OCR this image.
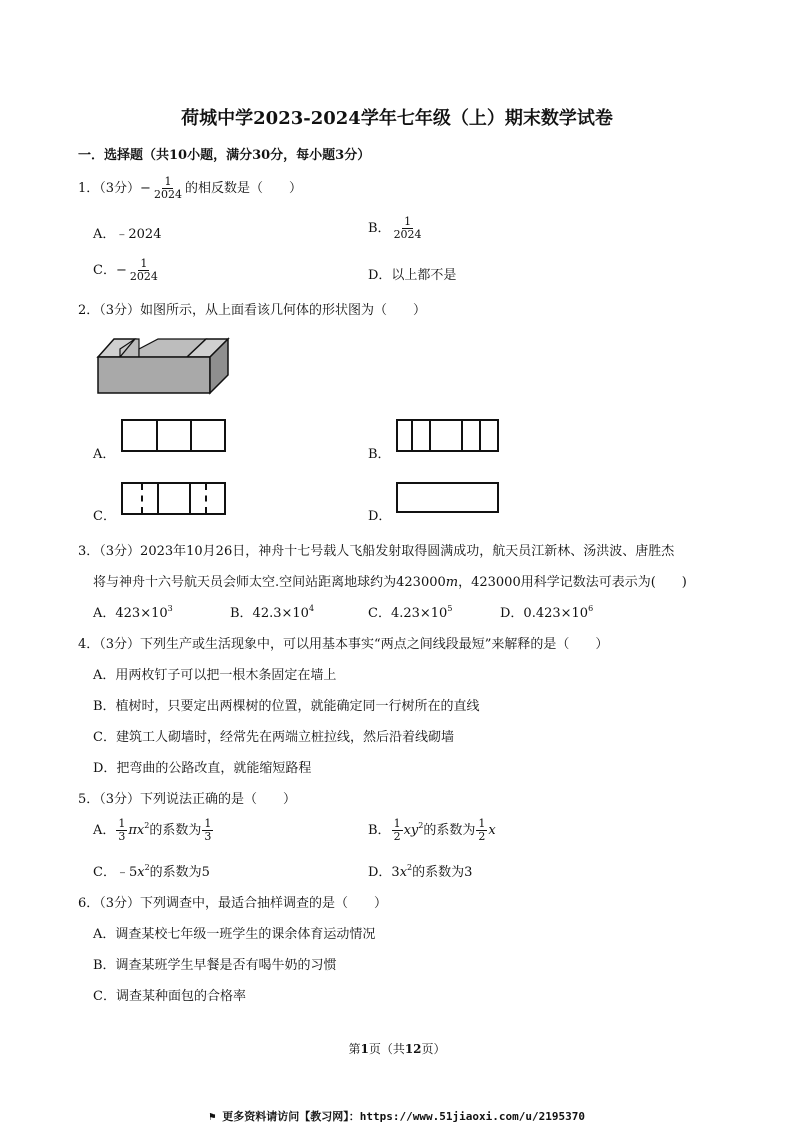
荷城中学2023-2024学年七年级（上）期末数学试卷
一．选择题（共10小题，满分30分，每小题3分）
1．（3分）− $\frac{1}{2024}$ 的相反数是（　　）
A．﹣2024	B． $\frac{1}{2024}$
C．− $\frac{1}{2024}$	D．以上都不是
2．（3分）如图所示，从上面看该几何体的形状图为（　　）
A．	B．
C．	D．
3．（3分）2023年10月26日，神舟十七号载人飞船发射取得圆满成功，航天员江新林、汤洪波、唐胜杰
将与神舟十六号航天员会师太空.空间站距离地球约为423000m，423000用科学记数法可表示为(　　)
A．$423\times 10^3$	B．$42.3\times 10^4$	C．$4.23\times 10^5$	D．$0.423\times 10^6$
4．（3分）下列生产或生活现象中，可以用基本事实“两点之间线段最短”来解释的是（　　）
A．用两枚钉子可以把一根木条固定在墙上
B．植树时，只要定出两棵树的位置，就能确定同一行树所在的直线
C．建筑工人砌墙时，经常先在两端立桩拉线，然后沿着线砌墙
D．把弯曲的公路改直，就能缩短路程
5．（3分）下列说法正确的是（　　）
A． $\frac{1}{3} \pi x^2$的系数为 $\frac{1}{3}$	B． $\frac{1}{2} xy^2$的系数为 $\frac{1}{2}$ x
C．$﹣5x^2$的系数为5	D．$3x^2$的系数为3
6．（3分）下列调查中，最适合抽样调查的是（　　）
A．调查某校七年级一班学生的课余体育运动情况
B．调查某班学生早餐是否有喝牛奶的习惯
C．调查某种面包的合格率
第1页（共12页）
⚑ 更多资料请访问【教习网】：https://www.51jiaoxi.com/u/2195370
